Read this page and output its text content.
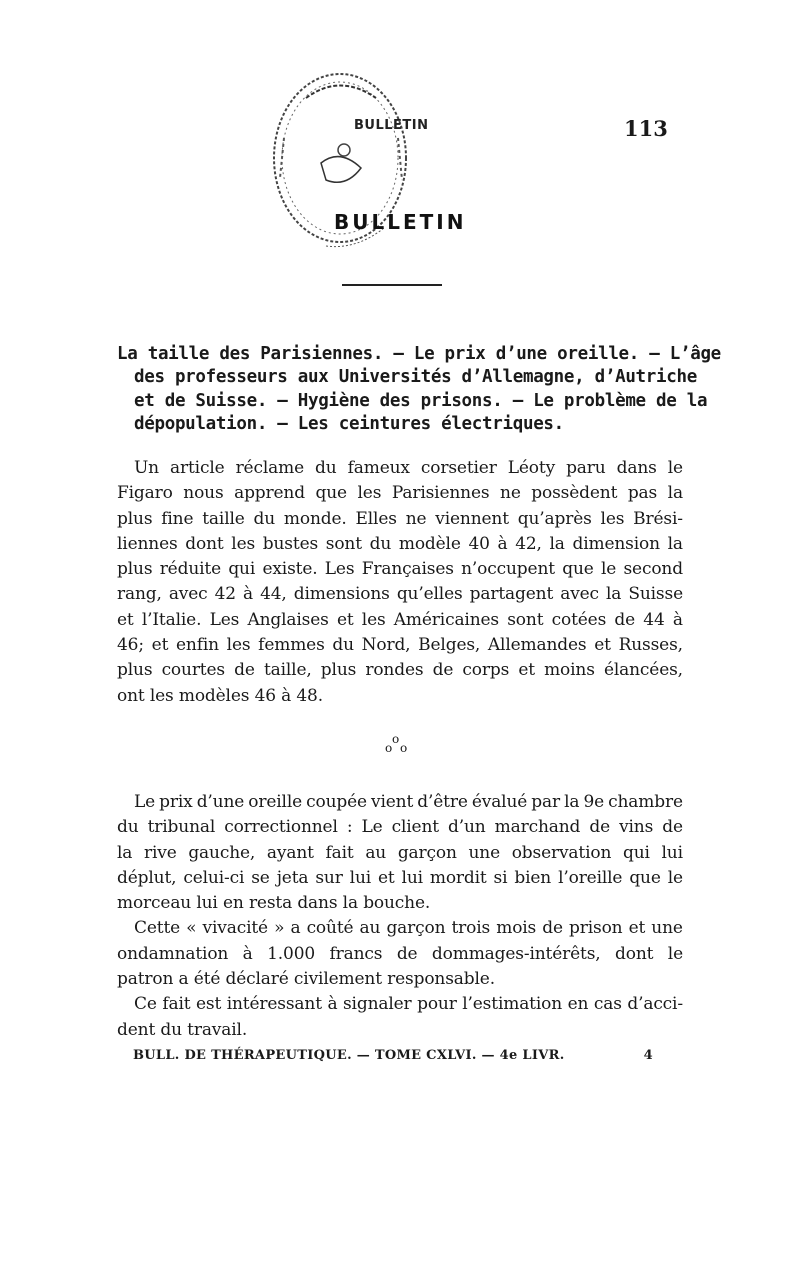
BULLETIN
BULLETIN
113
La taille des Parisiennes. — Le prix d’une oreille. — L’âge
des professeurs aux Universités d’Allemagne, d’Autriche
et de Suisse. — Hygiène des prisons. – Le problème de la
dépopulation. — Les ceintures électriques.
Un article réclame du fameux corsetier Léoty paru dans le
Figaro nous apprend que les Parisiennes ne possèdent pas la
plus fine taille du monde. Elles ne viennent qu’après les Brési-
liennes dont les bustes sont du modèle 40 à 42, la dimension la
plus réduite qui existe. Les Françaises n’occupent que le second
rang, avec 42 à 44, dimensions qu’elles partagent avec la Suisse
et l’Italie. Les Anglaises et les Américaines sont cotées de 44 à
46; et enfin les femmes du Nord, Belges, Allemandes et Russes,
plus courtes de taille, plus rondes de corps et moins élancées,
ont les modèles 46 à 48.
o
o o
Le prix d’une oreille coupée vient d’être évalué par la 9e chambre
du tribunal correctionnel : Le client d’un marchand de vins de
la rive gauche, ayant fait au garçon une observation qui lui
déplut, celui-ci se jeta sur lui et lui mordit si bien l’oreille que le
morceau lui en resta dans la bouche.
Cette « vivacité » a coûté au garçon trois mois de prison et une
ondamnation à 1.000 francs de dommages-intérêts, dont le
patron a été déclaré civilement responsable.
Ce fait est intéressant à signaler pour l’estimation en cas d’acci-
dent du travail.
BULL. DE THÉRAPEUTIQUE. — TOME CXLVI. — 4e LIVR.	4
